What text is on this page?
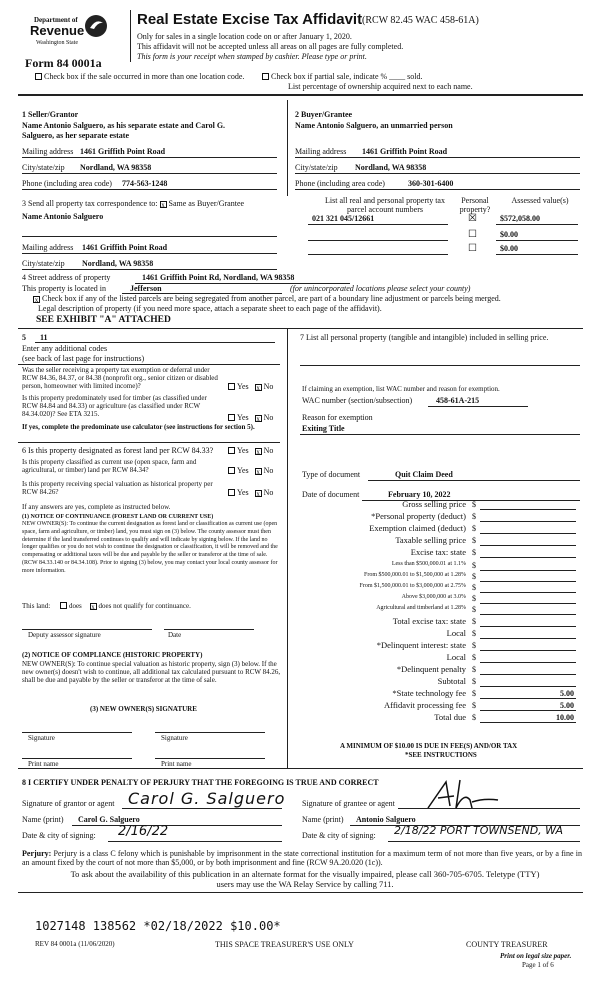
Department of
Revenue
Washington State
Real Estate Excise Tax Affidavit (RCW 82.45 WAC 458-61A)
Only for sales in a single location code on or after January 1, 2020.
This affidavit will not be accepted unless all areas on all pages are fully completed.
This form is your receipt when stamped by cashier. Please type or print.
Form 84 0001a
Check box if the sale occurred in more than one location code.	Check box if partial sale, indicate % ____ sold.
List percentage of ownership acquired next to each name.
1 Seller/Grantor
Name Antonio Salguero, as his separate estate and Carol G.
Salguero, as her separate estate
Mailing address 1461 Griffith Point Road
City/state/zip Nordland, WA 98358
Phone (including area code) 774-563-1248
2 Buyer/Grantee
Name Antonio Salguero, an unmarried person
Mailing address 1461 Griffith Point Road
City/state/zip Nordland, WA 98358
Phone (including area code)	360-301-6400
3 Send all property tax correspondence to: x Same as Buyer/Grantee
Name Antonio Salguero
Mailing address 1461 Griffith Point Road
City/state/zip Nordland, WA 98358
List all real and personal property tax parcel account numbers
Personal property?
Assessed value(s)
021 321 045/12661	☒	$572,058.00
☐	$0.00
☐	$0.00
4 Street address of property	1461 Griffith Point Rd, Nordland, WA 98358
This property is located in	Jefferson	(for unincorporated locations please select your county)
x Check box if any of the listed parcels are being segregated from another parcel, are part of a boundary line adjustment or parcels being merged.
Legal description of property (if you need more space, attach a separate sheet to each page of the affidavit).
SEE EXHIBIT "A" ATTACHED
5 11
Enter any additional codes
(see back of last page for instructions)
Was the seller receiving a property tax exemption or deferral under RCW 84.36, 84.37, or 84.38 (nonprofit org., senior citizen or disabled person, homeowner with limited income)?	Yes x No
Is this property predominately used for timber (as classified under RCW 84.84 and 84.33) or agriculture (as classified under RCW 84.34.020)? See ETA 3215.	Yes x No
If yes, complete the predominate use calculator (see instructions for section 5).
6 Is this property designated as forest land per RCW 84.33?	Yes x No
Is this property classified as current use (open space, farm and agricultural, or timber) land per RCW 84.34?	Yes x No
Is this property receiving special valuation as historical property per RCW 84.26?	Yes x No
If any answers are yes, complete as instructed below.
(1) NOTICE OF CONTINUANCE (FOREST LAND OR CURRENT USE)
NEW OWNER(S): To continue the current designation as forest land or classification as current use (open space, farm and agriculture, or timber) land, you must sign on (3) below. The county assessor must then determine if the land transferred continues to qualify and will indicate by signing below. If the land no longer qualifies or you do not wish to continue the designation or classification, it will be removed and the compensating or additional taxes will be due and payable by the seller or transferor at the time of sale. (RCW 84.33.140 or 84.34.108). Prior to signing (3) below, you may contact your local county assessor for more information.
This land:	does x does not qualify for continuance.
Deputy assessor signature	Date
(2) NOTICE OF COMPLIANCE (HISTORIC PROPERTY)
NEW OWNER(S): To continue special valuation as historic property, sign (3) below. If the new owner(s) doesn't wish to continue, all additional tax calculated pursuant to RCW 84.26, shall be due and payable by the seller or transferor at the time of sale.
(3) NEW OWNER(S) SIGNATURE
Signature	Signature
Print name	Print name
7 List all personal property (tangible and intangible) included in selling price.
If claiming an exemption, list WAC number and reason for exemption.
WAC number (section/subsection)	458-61A-215
Reason for exemption
Exiting Title
Type of document	Quit Claim Deed
Date of document	February 10, 2022
Gross selling price $
*Personal property (deduct) $
Exemption claimed (deduct) $
Taxable selling price $
Excise tax: state $
Less than $500,000.01 at 1.1% $
From $500,000.01 to $1,500,000 at 1.28% $
From $1,500,000.01 to $3,000,000 at 2.75% $
Above $3,000,000 at 3.0% $
Agricultural and timberland at 1.28% $
Total excise tax: state $
Local $
*Delinquent interest: state $
Local $
*Delinquent penalty $
Subtotal $
*State technology fee $	5.00
Affidavit processing fee $	5.00
Total due $	10.00
A MINIMUM OF $10.00 IS DUE IN FEE(S) AND/OR TAX
*SEE INSTRUCTIONS
8 I CERTIFY UNDER PENALTY OF PERJURY THAT THE FOREGOING IS TRUE AND CORRECT
Signature of grantor or agent Carol G. Salguero Signature of grantee or agent
Name (print) Carol G. Salguero	Name (print) Antonio Salguero
Date & city of signing: 2/16/22	Date & city of signing: 2/18/22 PORT TOWNSEND, WA
Perjury: Perjury is a class C felony which is punishable by imprisonment in the state correctional institution for a maximum term of not more than five years, or by a fine in an amount fixed by the court of not more than $5,000, or by both imprisonment and fine (RCW 9A.20.020 (1c)).
To ask about the availability of this publication in an alternate format for the visually impaired, please call 360-705-6705. Teletype (TTY) users may use the WA Relay Service by calling 711.
1027148 138562 *02/18/2022 $10.00*
REV 84 0001a (11/06/2020)	THIS SPACE TREASURER'S USE ONLY	COUNTY TREASURER
Print on legal size paper.
Page 1 of 6
